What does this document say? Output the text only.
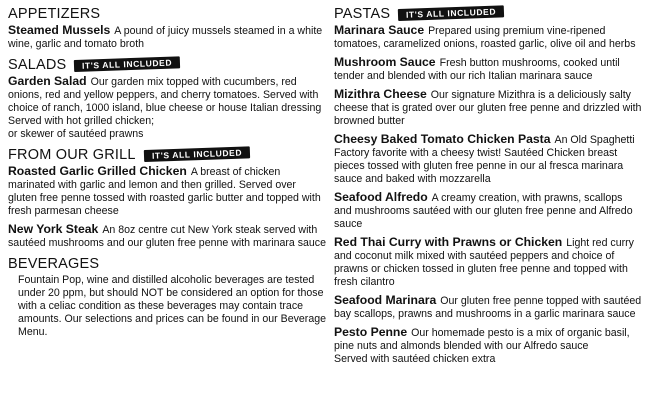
APPETIZERS
Steamed Mussels A pound of juicy mussels steamed in a white wine, garlic and tomato broth
SALADS	IT'S ALL INCLUDED
Garden Salad Our garden mix topped with cucumbers, red onions, red and yellow peppers, and cherry tomatoes. Served with choice of ranch, 1000 island, blue cheese or house Italian dressing Served with hot grilled chicken;
or skewer of sautéed prawns
FROM OUR GRILL	IT'S ALL INCLUDED
Roasted Garlic Grilled Chicken A breast of chicken marinated with garlic and lemon and then grilled. Served over gluten free penne tossed with roasted garlic butter and topped with fresh parmesan cheese
New York Steak An 8oz centre cut New York steak served with sautéed mushrooms and our gluten free penne with marinara sauce
BEVERAGES
Fountain Pop, wine and distilled alcoholic beverages are tested under 20 ppm, but should NOT be considered an option for those with a celiac condition as these beverages may contain trace amounts. Our selections and prices can be found in our Beverage Menu.
PASTAS	IT'S ALL INCLUDED
Marinara Sauce Prepared using premium vine-ripened tomatoes, caramelized onions, roasted garlic, olive oil and herbs
Mushroom Sauce Fresh button mushrooms, cooked until tender and blended with our rich Italian marinara sauce
Mizithra Cheese Our signature Mizithra is a deliciously salty cheese that is grated over our gluten free penne and drizzled with browned butter
Cheesy Baked Tomato Chicken Pasta An Old Spaghetti Factory favorite with a cheesy twist! Sautéed Chicken breast pieces tossed with gluten free penne in our al fresca marinara sauce and baked with mozzarella
Seafood Alfredo A creamy creation, with prawns, scallops and mushrooms sautéed with our gluten free penne and Alfredo sauce
Red Thai Curry with Prawns or Chicken Light red curry and coconut milk mixed with sautéed peppers and choice of prawns or chicken tossed in gluten free penne and topped with fresh cilantro
Seafood Marinara Our gluten free penne topped with sautéed bay scallops, prawns and mushrooms in a garlic marinara sauce
Pesto Penne Our homemade pesto is a mix of organic basil, pine nuts and almonds blended with our Alfredo sauce
Served with sautéed chicken extra
